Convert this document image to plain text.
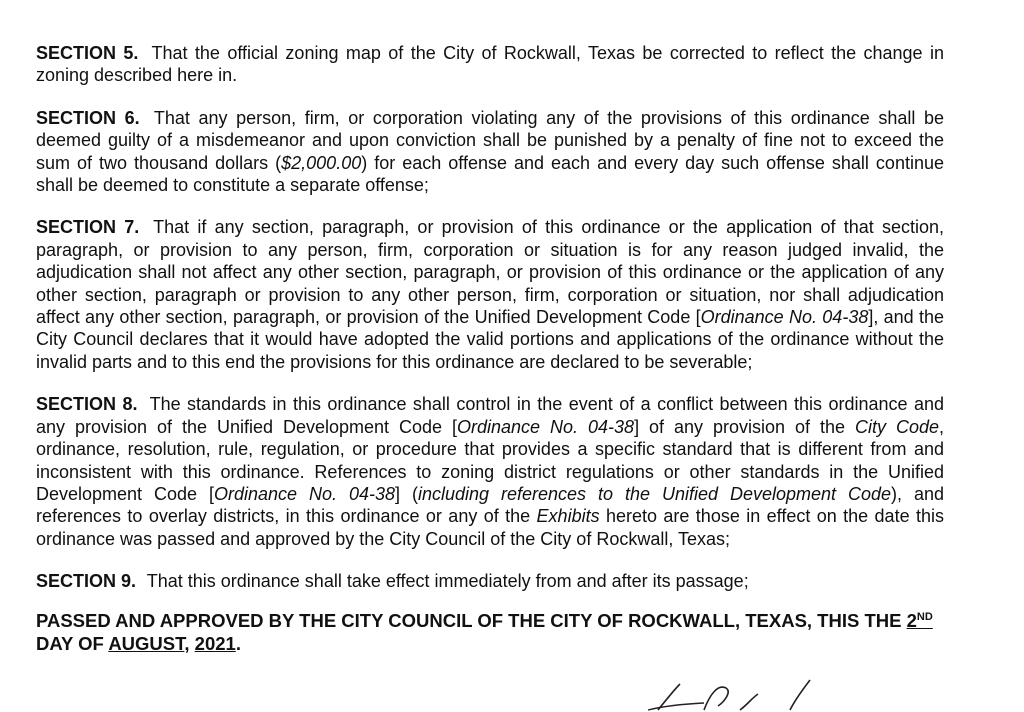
SECTION 5. That the official zoning map of the City of Rockwall, Texas be corrected to reflect the change in zoning described here in.
SECTION 6. That any person, firm, or corporation violating any of the provisions of this ordinance shall be deemed guilty of a misdemeanor and upon conviction shall be punished by a penalty of fine not to exceed the sum of two thousand dollars ($2,000.00) for each offense and each and every day such offense shall continue shall be deemed to constitute a separate offense;
SECTION 7. That if any section, paragraph, or provision of this ordinance or the application of that section, paragraph, or provision to any person, firm, corporation or situation is for any reason judged invalid, the adjudication shall not affect any other section, paragraph, or provision of this ordinance or the application of any other section, paragraph or provision to any other person, firm, corporation or situation, nor shall adjudication affect any other section, paragraph, or provision of the Unified Development Code [Ordinance No. 04-38], and the City Council declares that it would have adopted the valid portions and applications of the ordinance without the invalid parts and to this end the provisions for this ordinance are declared to be severable;
SECTION 8. The standards in this ordinance shall control in the event of a conflict between this ordinance and any provision of the Unified Development Code [Ordinance No. 04-38] of any provision of the City Code, ordinance, resolution, rule, regulation, or procedure that provides a specific standard that is different from and inconsistent with this ordinance. References to zoning district regulations or other standards in the Unified Development Code [Ordinance No. 04-38] (including references to the Unified Development Code), and references to overlay districts, in this ordinance or any of the Exhibits hereto are those in effect on the date this ordinance was passed and approved by the City Council of the City of Rockwall, Texas;
SECTION 9. That this ordinance shall take effect immediately from and after its passage;
PASSED AND APPROVED BY THE CITY COUNCIL OF THE CITY OF ROCKWALL, TEXAS, THIS THE 2ND DAY OF AUGUST, 2021.
